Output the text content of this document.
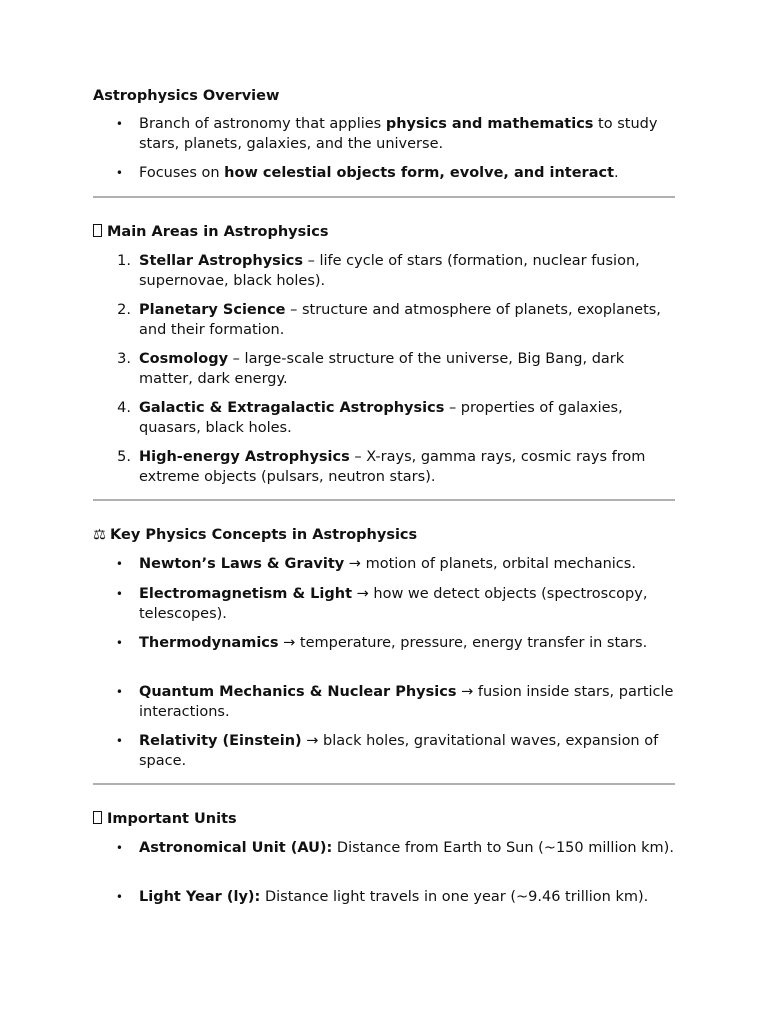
Astrophysics Overview

• Branch of astronomy that applies physics and mathematics to study stars, planets, galaxies, and the universe.
• Focuses on how celestial objects form, evolve, and interact.

Main Areas in Astrophysics

1. Stellar Astrophysics – life cycle of stars (formation, nuclear fusion, supernovae, black holes).
2. Planetary Science – structure and atmosphere of planets, exoplanets, and their formation.
3. Cosmology – large-scale structure of the universe, Big Bang, dark matter, dark energy.
4. Galactic & Extragalactic Astrophysics – properties of galaxies, quasars, black holes.
5. High-energy Astrophysics – X-rays, gamma rays, cosmic rays from extreme objects (pulsars, neutron stars).

⚖ Key Physics Concepts in Astrophysics

• Newton’s Laws & Gravity → motion of planets, orbital mechanics.
• Electromagnetism & Light → how we detect objects (spectroscopy, telescopes).
• Thermodynamics → temperature, pressure, energy transfer in stars.
• Quantum Mechanics & Nuclear Physics → fusion inside stars, particle interactions.
• Relativity (Einstein) → black holes, gravitational waves, expansion of space.

Important Units

• Astronomical Unit (AU): Distance from Earth to Sun (~150 million km).
• Light Year (ly): Distance light travels in one year (~9.46 trillion km).
